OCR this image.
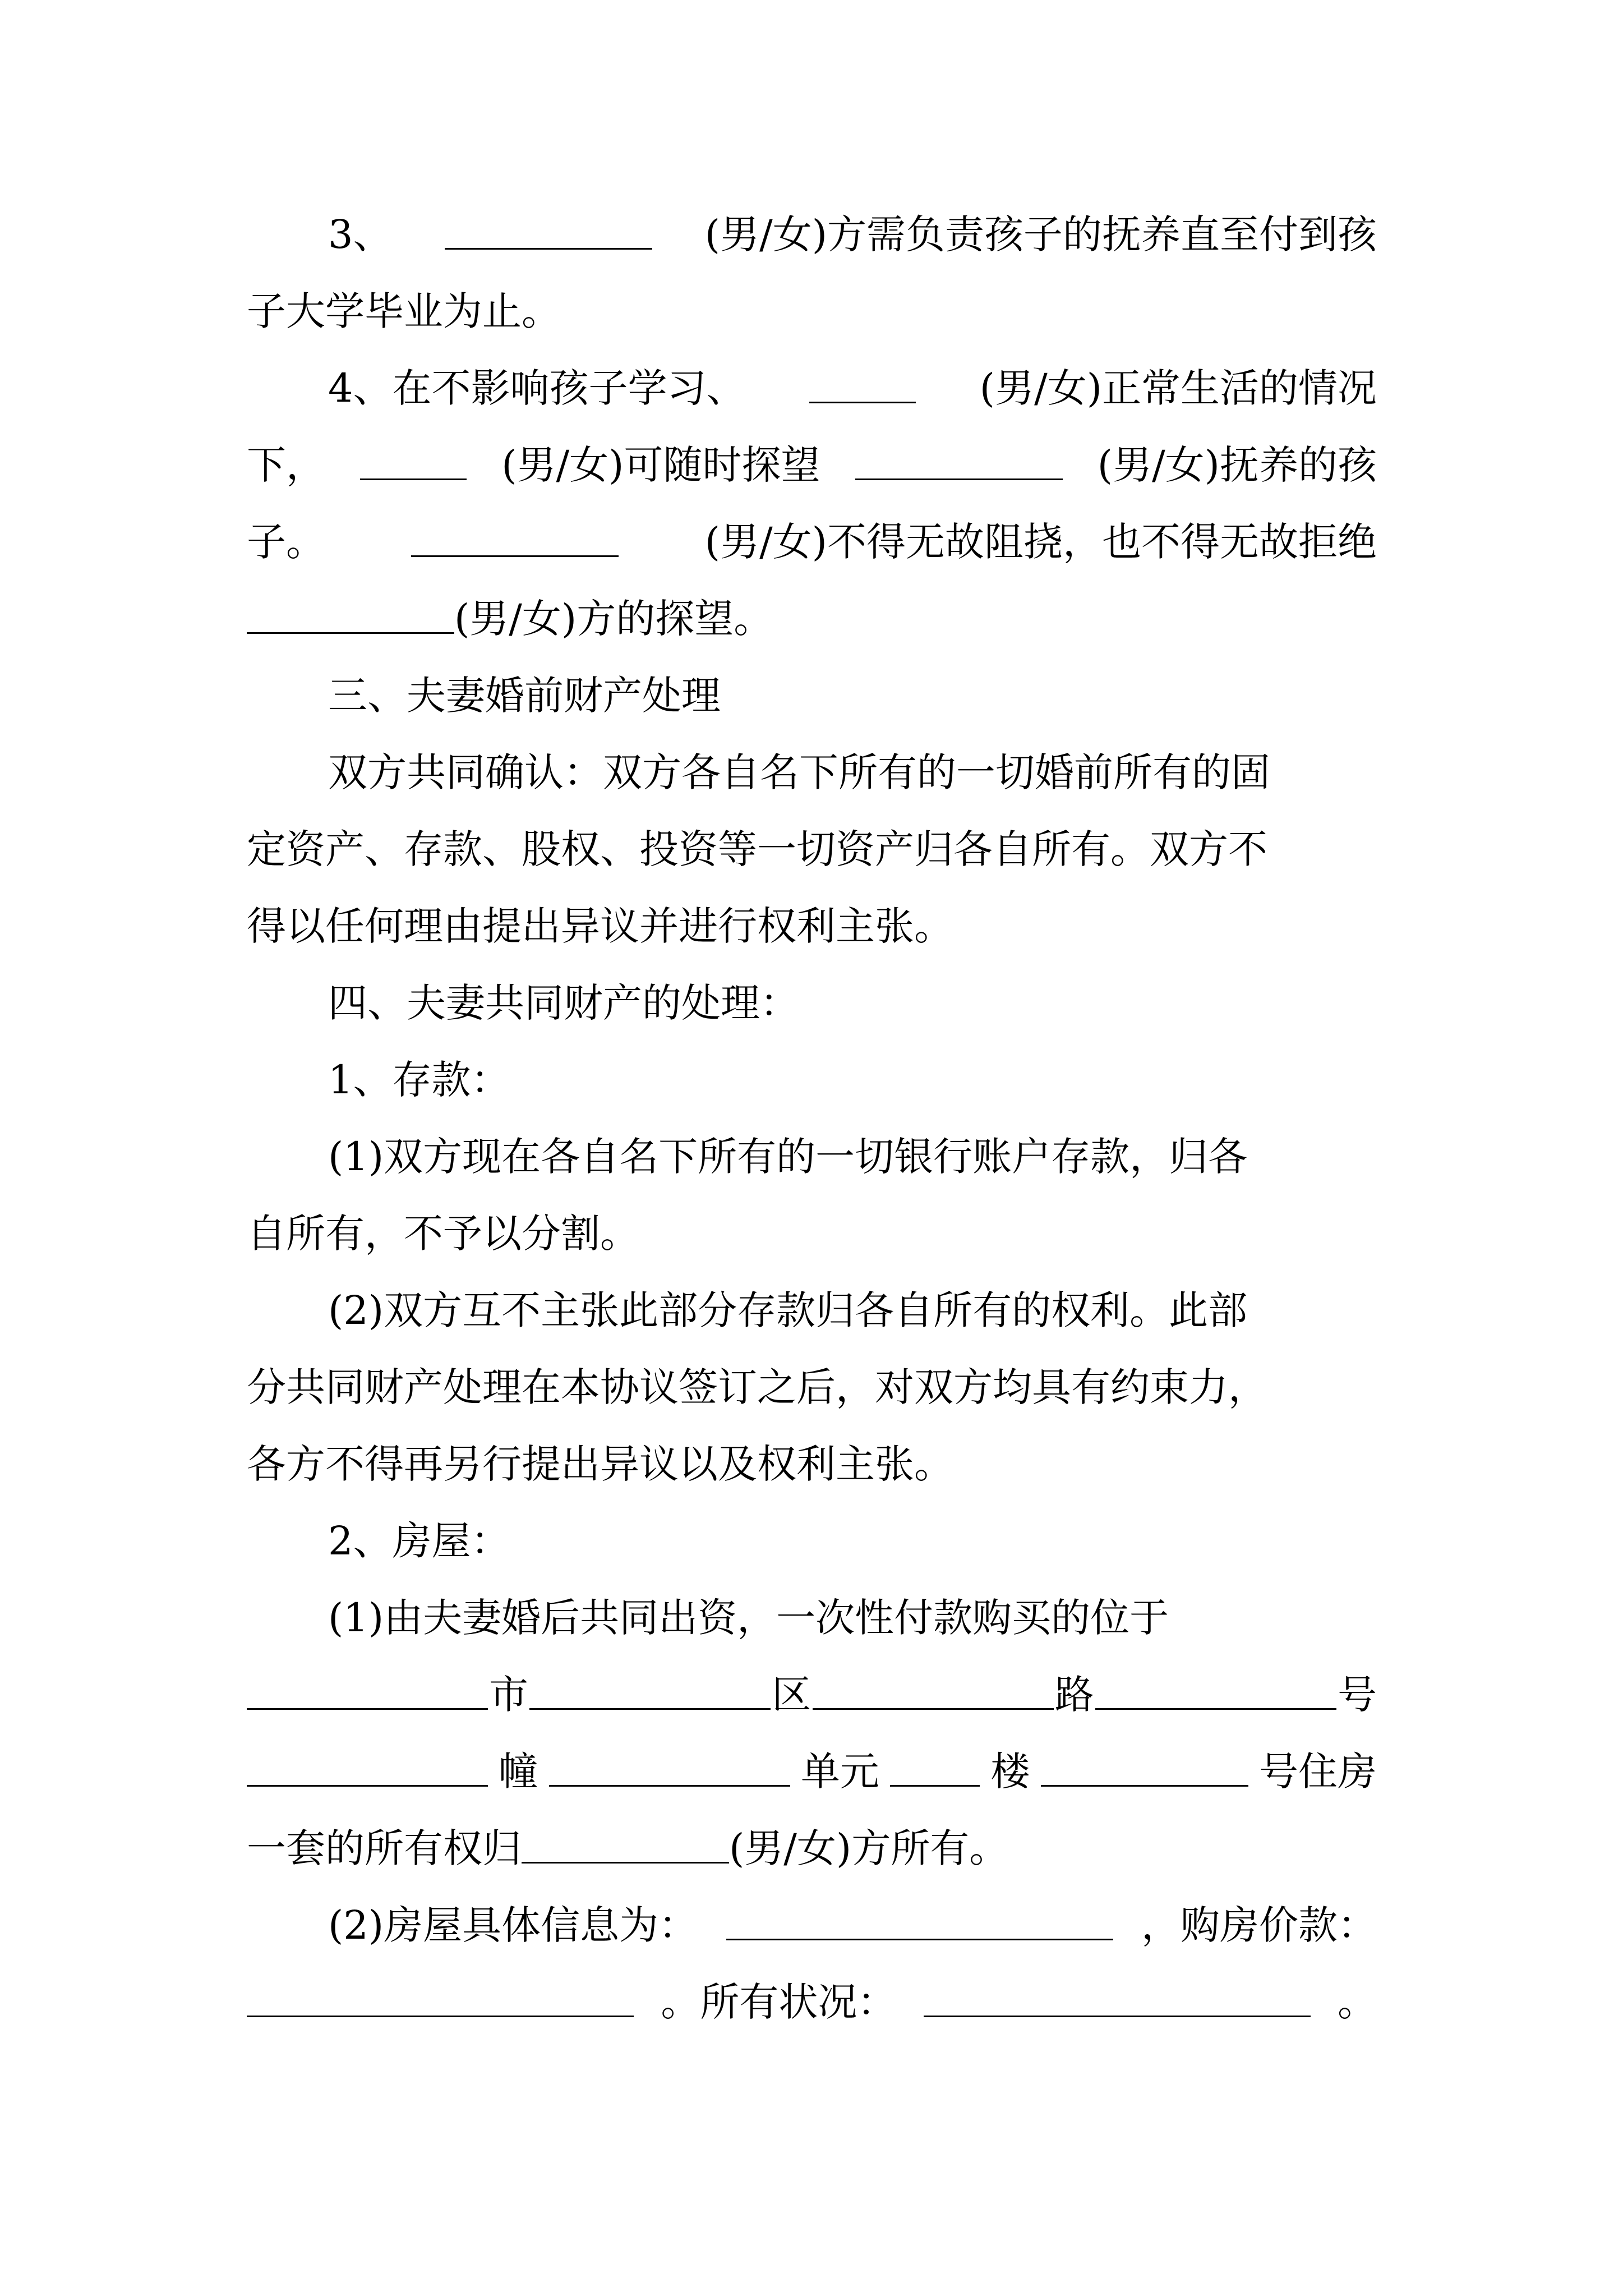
3、	(男/女)方需负责孩子的抚养直至付到孩
子大学毕业为止。
4、在不影响孩子学习、	(男/女)正常生活的情况
下，	(男/女)可随时探望	(男/女)抚养的孩
子。	(男/女)不得无故阻挠，也不得无故拒绝
(男/女)方的探望。
三、夫妻婚前财产处理
双方共同确认：双方各自名下所有的一切婚前所有的固
定资产、存款、股权、投资等一切资产归各自所有。双方不
得以任何理由提出异议并进行权利主张。
四、夫妻共同财产的处理：
1、存款：
(1)双方现在各自名下所有的一切银行账户存款，归各
自所有，不予以分割。
(2)双方互不主张此部分存款归各自所有的权利。此部
分共同财产处理在本协议签订之后，对双方均具有约束力，
各方不得再另行提出异议以及权利主张。
2、房屋：
(1)由夫妻婚后共同出资，一次性付款购买的位于
市	区	路	号
幢	单元	楼	号住房
一套的所有权归	(男/女)方所有。
(2)房屋具体信息为：	，购房价款：
。所有状况：	。
